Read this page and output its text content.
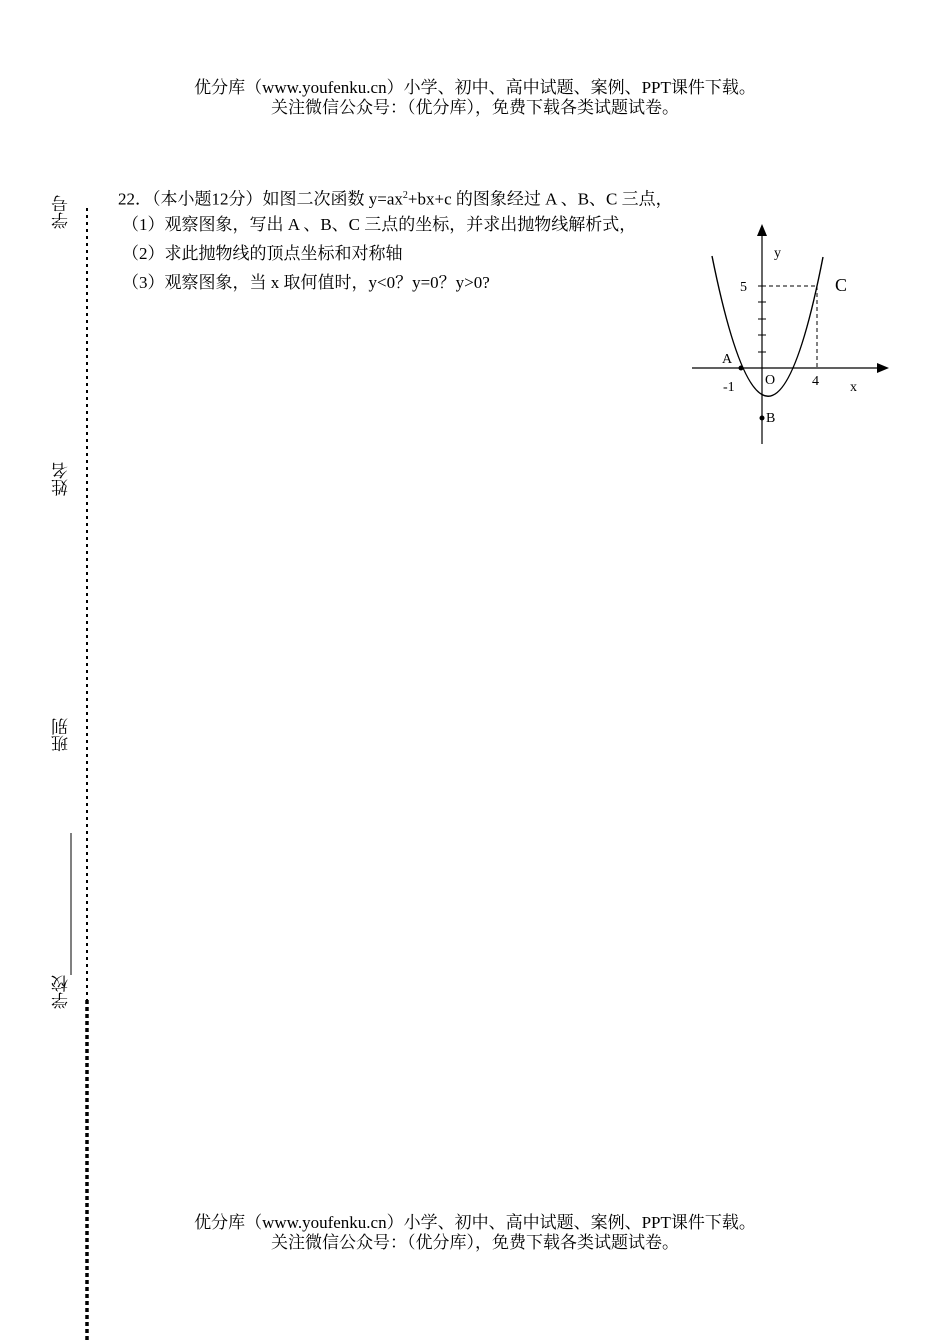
优分库（www.youfenku.cn）小学、初中、高中试题、案例、PPT课件下载。
关注微信公众号：（优分库），免费下载各类试题试卷。
学号
姓名
班别
学校
22．（本小题12分）如图二次函数 $y=ax^2+bx+c$ 的图象经过 A 、B、C 三点，
（1）观察图象，写出 A 、B、C 三点的坐标，并求出抛物线解析式，
（2）求此抛物线的顶点坐标和对称轴
（3）观察图象，当 x 取何值时，y<0？y=0？y>0?
y
x
5	C
A
-1 O	4
B
优分库（www.youfenku.cn）小学、初中、高中试题、案例、PPT课件下载。
关注微信公众号：（优分库），免费下载各类试题试卷。
